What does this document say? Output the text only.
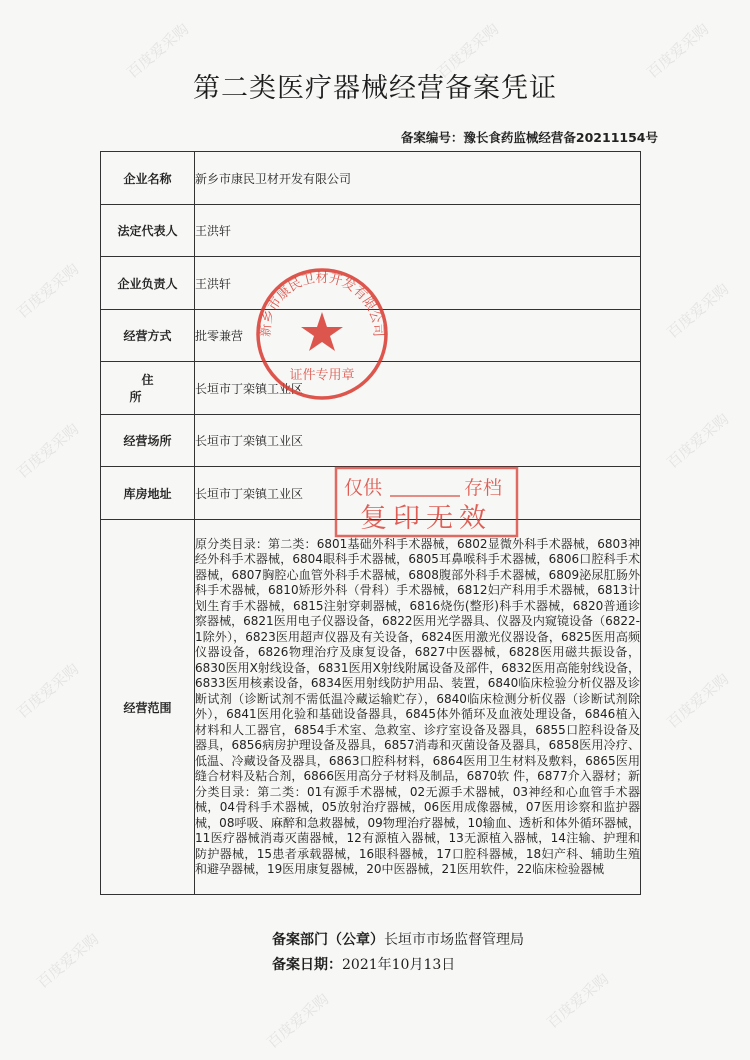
百度爱采购	百度爱采购	百度爱采购
百度爱采购	百度爱采购
百度爱采购	百度爱采购
百度爱采购	百度爱采购
百度爱采购
百度爱采购	百度爱采购
第二类医疗器械经营备案凭证
备案编号：豫长食药监械经营备20211154号
企业名称	新乡市康民卫材开发有限公司
法定代表人	王洪轩
企业负责人	王洪轩
经营方式	批零兼营
住所	长垣市丁栾镇工业区
经营场所	长垣市丁栾镇工业区
库房地址	长垣市丁栾镇工业区
经营范围	原分类目录：第二类：6801基础外科手术器械，6802显微外科手术器械，6803神经外科手术器械，6804眼科手术器械，6805耳鼻喉科手术器械，6806口腔科手术器械，6807胸腔心血管外科手术器械，6808腹部外科手术器械，6809泌尿肛肠外科手术器械，6810矫形外科（骨科）手术器械，6812妇产科用手术器械，6813计划生育手术器械，6815注射穿刺器械，6816烧伤(整形)科手术器械，6820普通诊察器械，6821医用电子仪器设备，6822医用光学器具、仪器及内窥镜设备（6822-1除外），6823医用超声仪器及有关设备，6824医用激光仪器设备，6825医用高频仪器设备，6826物理治疗及康复设备，6827中医器械，6828医用磁共振设备，6830医用X射线设备，6831医用X射线附属设备及部件，6832医用高能射线设备，6833医用核素设备，6834医用射线防护用品、装置，6840临床检验分析仪器及诊断试剂（诊断试剂不需低温冷藏运输贮存），6840临床检测分析仪器（诊断试剂除外），6841医用化验和基础设备器具，6845体外循环及血液处理设备，6846植入材料和人工器官，6854手术室、急救室、诊疗室设备及器具，6855口腔科设备及器具，6856病房护理设备及器具，6857消毒和灭菌设备及器具，6858医用冷疗、低温、冷藏设备及器具，6863口腔科材料，6864医用卫生材料及敷料，6865医用缝合材料及粘合剂，6866医用高分子材料及制品，6870软 件，6877介入器材；新分类目录：第二类：01有源手术器械，02无源手术器械，03神经和心血管手术器械，04骨科手术器械，05放射治疗器械，06医用成像器械，07医用诊察和监护器械，08呼吸、麻醉和急救器械，09物理治疗器械，10输血、透析和体外循环器械，11医疗器械消毒灭菌器械，12有源植入器械，13无源植入器械，14注输、护理和防护器械，15患者承载器械，16眼科器械，17口腔科器械，18妇产科、辅助生殖和避孕器械，19医用康复器械，20中医器械，21医用软件，22临床检验器械
新乡市康民卫材开发有限公司
证件专用章
仅供	存档
复印无效
备案部门（公章）长垣市市场监督管理局
备案日期：2021年10月13日
